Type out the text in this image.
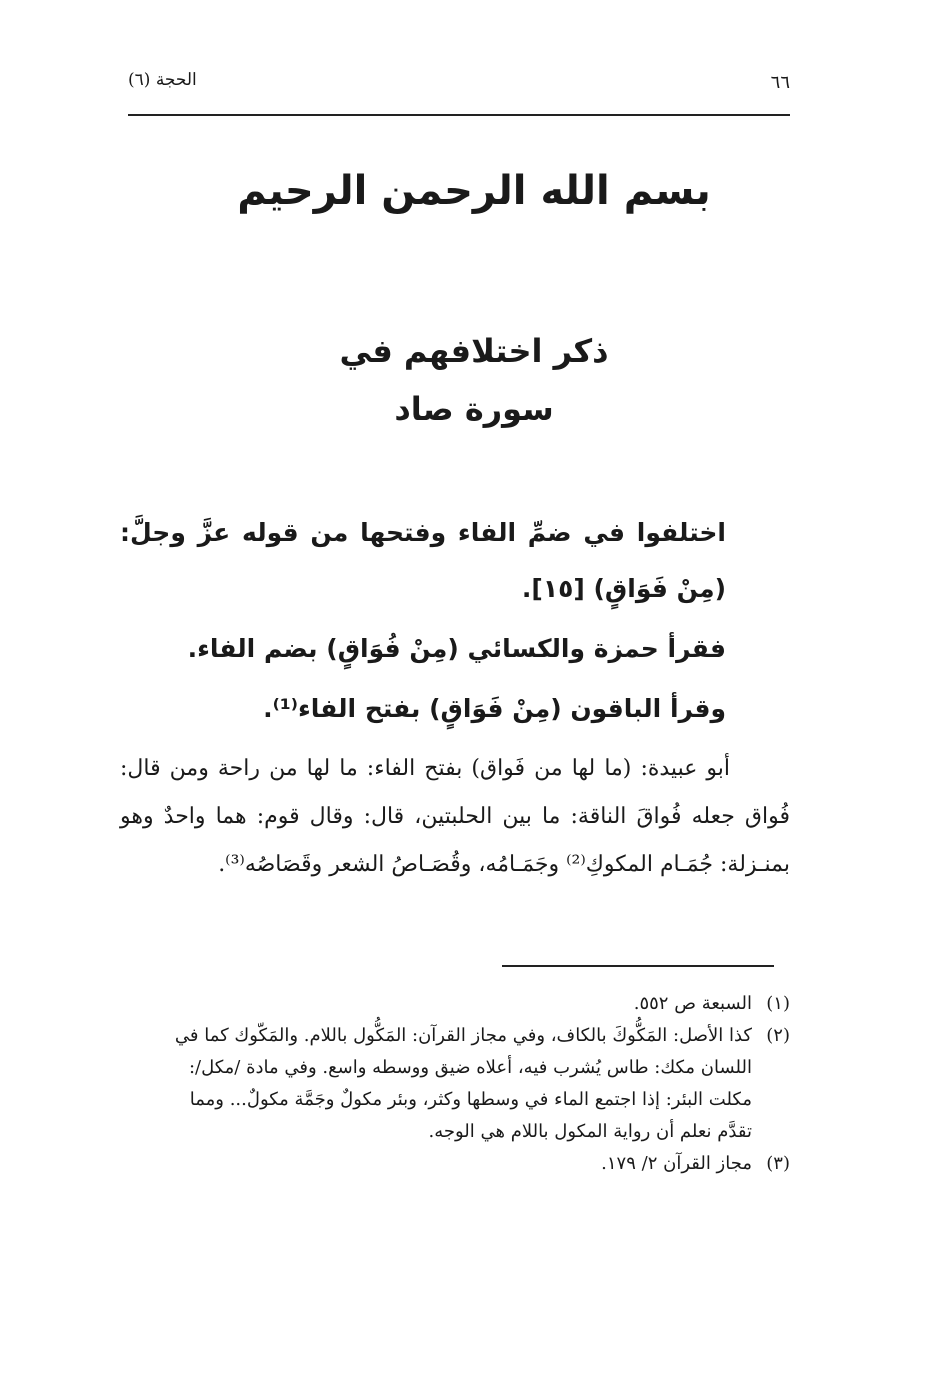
٦٦
الحجة (٦)
بسم الله الرحمن الرحيم
ذكر اختلافهم في
سورة صاد

اختلفوا في ضمِّ الفاء وفتحها من قوله عزَّ وجلَّ: (مِنْ فَوَاقٍ) [١٥].

فقرأ حمزة والكسائي (مِنْ فُوَاقٍ) بضم الفاء.

وقرأ الباقون (مِنْ فَوَاقٍ) بفتح الفاء⁽¹⁾.

أبو عبيدة: (ما لها من فَواق) بفتح الفاء: ما لها من راحة ومن قال: فُواق جعله فُواقَ الناقة: ما بين الحلبتين، قال: وقال قوم: هما واحدٌ وهو بمنـزلة: جُمَـام المكوكِ⁽²⁾ وجَمَـامُه، وقُصَـاصُ الشعر وقَصَاصُه⁽³⁾.

(١)
السبعة ص ٥٥٢.

(٢)
كذا الأصل: المَكُّوكَ بالكاف، وفي مجاز القرآن: المَكُّول باللام. والمَكّوك كما في اللسان مكك: طاس يُشرب فيه، أعلاه ضيق ووسطه واسع. وفي مادة /مكل/: مكلت البئر: إذا اجتمع الماء في وسطها وكثر، وبئر مكولٌ وجَمَّة مكولٌ... ومما تقدَّم نعلم أن رواية المكول باللام هي الوجه.

(٣)
مجاز القرآن ٢/ ١٧٩.
